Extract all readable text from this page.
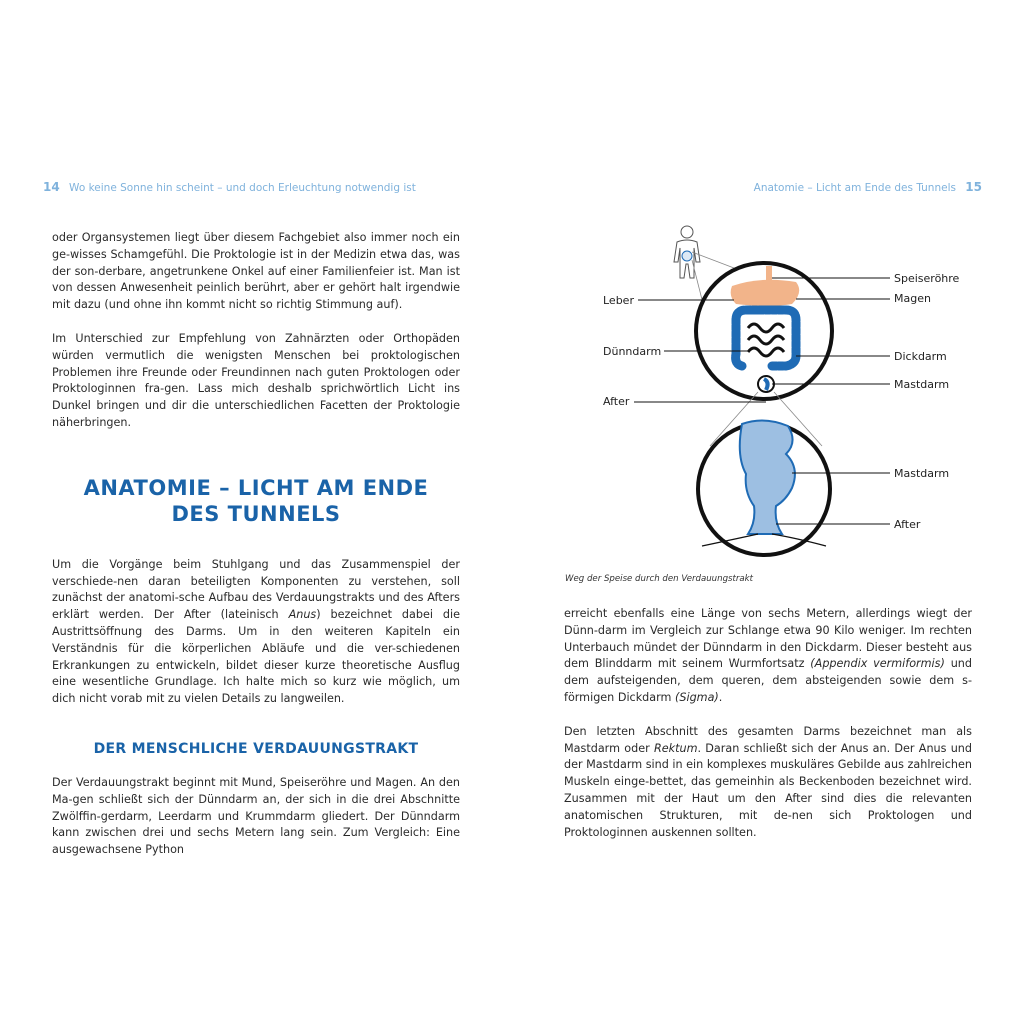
14 Wo keine Sonne hin scheint – und doch Erleuchtung notwendig ist	Anatomie – Licht am Ende des Tunnels 15

oder Organsystemen liegt über diesem Fachgebiet also immer noch ein ge-wisses Schamgefühl. Die Proktologie ist in der Medizin etwa das, was der son-derbare, angetrunkene Onkel auf einer Familienfeier ist. Man ist von dessen Anwesenheit peinlich berührt, aber er gehört halt irgendwie mit dazu (und ohne ihn kommt nicht so richtig Stimmung auf).

Im Unterschied zur Empfehlung von Zahnärzten oder Orthopäden würden vermutlich die wenigsten Menschen bei proktologischen Problemen ihre Freunde oder Freundinnen nach guten Proktologen oder Proktologinnen fra-gen. Lass mich deshalb sprichwörtlich Licht ins Dunkel bringen und dir die unterschiedlichen Facetten der Proktologie näherbringen.

ANATOMIE – LICHT AM ENDE
DES TUNNELS

Um die Vorgänge beim Stuhlgang und das Zusammenspiel der verschiede-nen daran beteiligten Komponenten zu verstehen, soll zunächst der anatomi-sche Aufbau des Verdauungstrakts und des Afters erklärt werden. Der After (lateinisch Anus) bezeichnet dabei die Austrittsöffnung des Darms. Um in den weiteren Kapiteln ein Verständnis für die körperlichen Abläufe und die ver-schiedenen Erkrankungen zu entwickeln, bildet dieser kurze theoretische Ausflug eine wesentliche Grundlage. Ich halte mich so kurz wie möglich, um dich nicht vorab mit zu vielen Details zu langweilen.

DER MENSCHLICHE VERDAUUNGSTRAKT

Der Verdauungstrakt beginnt mit Mund, Speiseröhre und Magen. An den Ma-gen schließt sich der Dünndarm an, der sich in die drei Abschnitte Zwölffin-gerdarm, Leerdarm und Krummdarm gliedert. Der Dünndarm kann zwischen drei und sechs Metern lang sein. Zum Vergleich: Eine ausgewachsene Python

Speiseröhre
Magen
Leber
Dünndarm	Dickdarm
Mastdarm
After
Mastdarm
After
Weg der Speise durch den Verdauungstrakt

erreicht ebenfalls eine Länge von sechs Metern, allerdings wiegt der Dünn-darm im Vergleich zur Schlange etwa 90 Kilo weniger. Im rechten Unterbauch mündet der Dünndarm in den Dickdarm. Dieser besteht aus dem Blinddarm mit seinem Wurmfortsatz (Appendix vermiformis) und dem aufsteigenden, dem queren, dem absteigenden sowie dem s-förmigen Dickdarm (Sigma).

Den letzten Abschnitt des gesamten Darms bezeichnet man als Mastdarm oder Rektum. Daran schließt sich der Anus an. Der Anus und der Mastdarm sind in ein komplexes muskuläres Gebilde aus zahlreichen Muskeln einge-bettet, das gemeinhin als Beckenboden bezeichnet wird. Zusammen mit der Haut um den After sind dies die relevanten anatomischen Strukturen, mit de-nen sich Proktologen und Proktologinnen auskennen sollten.
